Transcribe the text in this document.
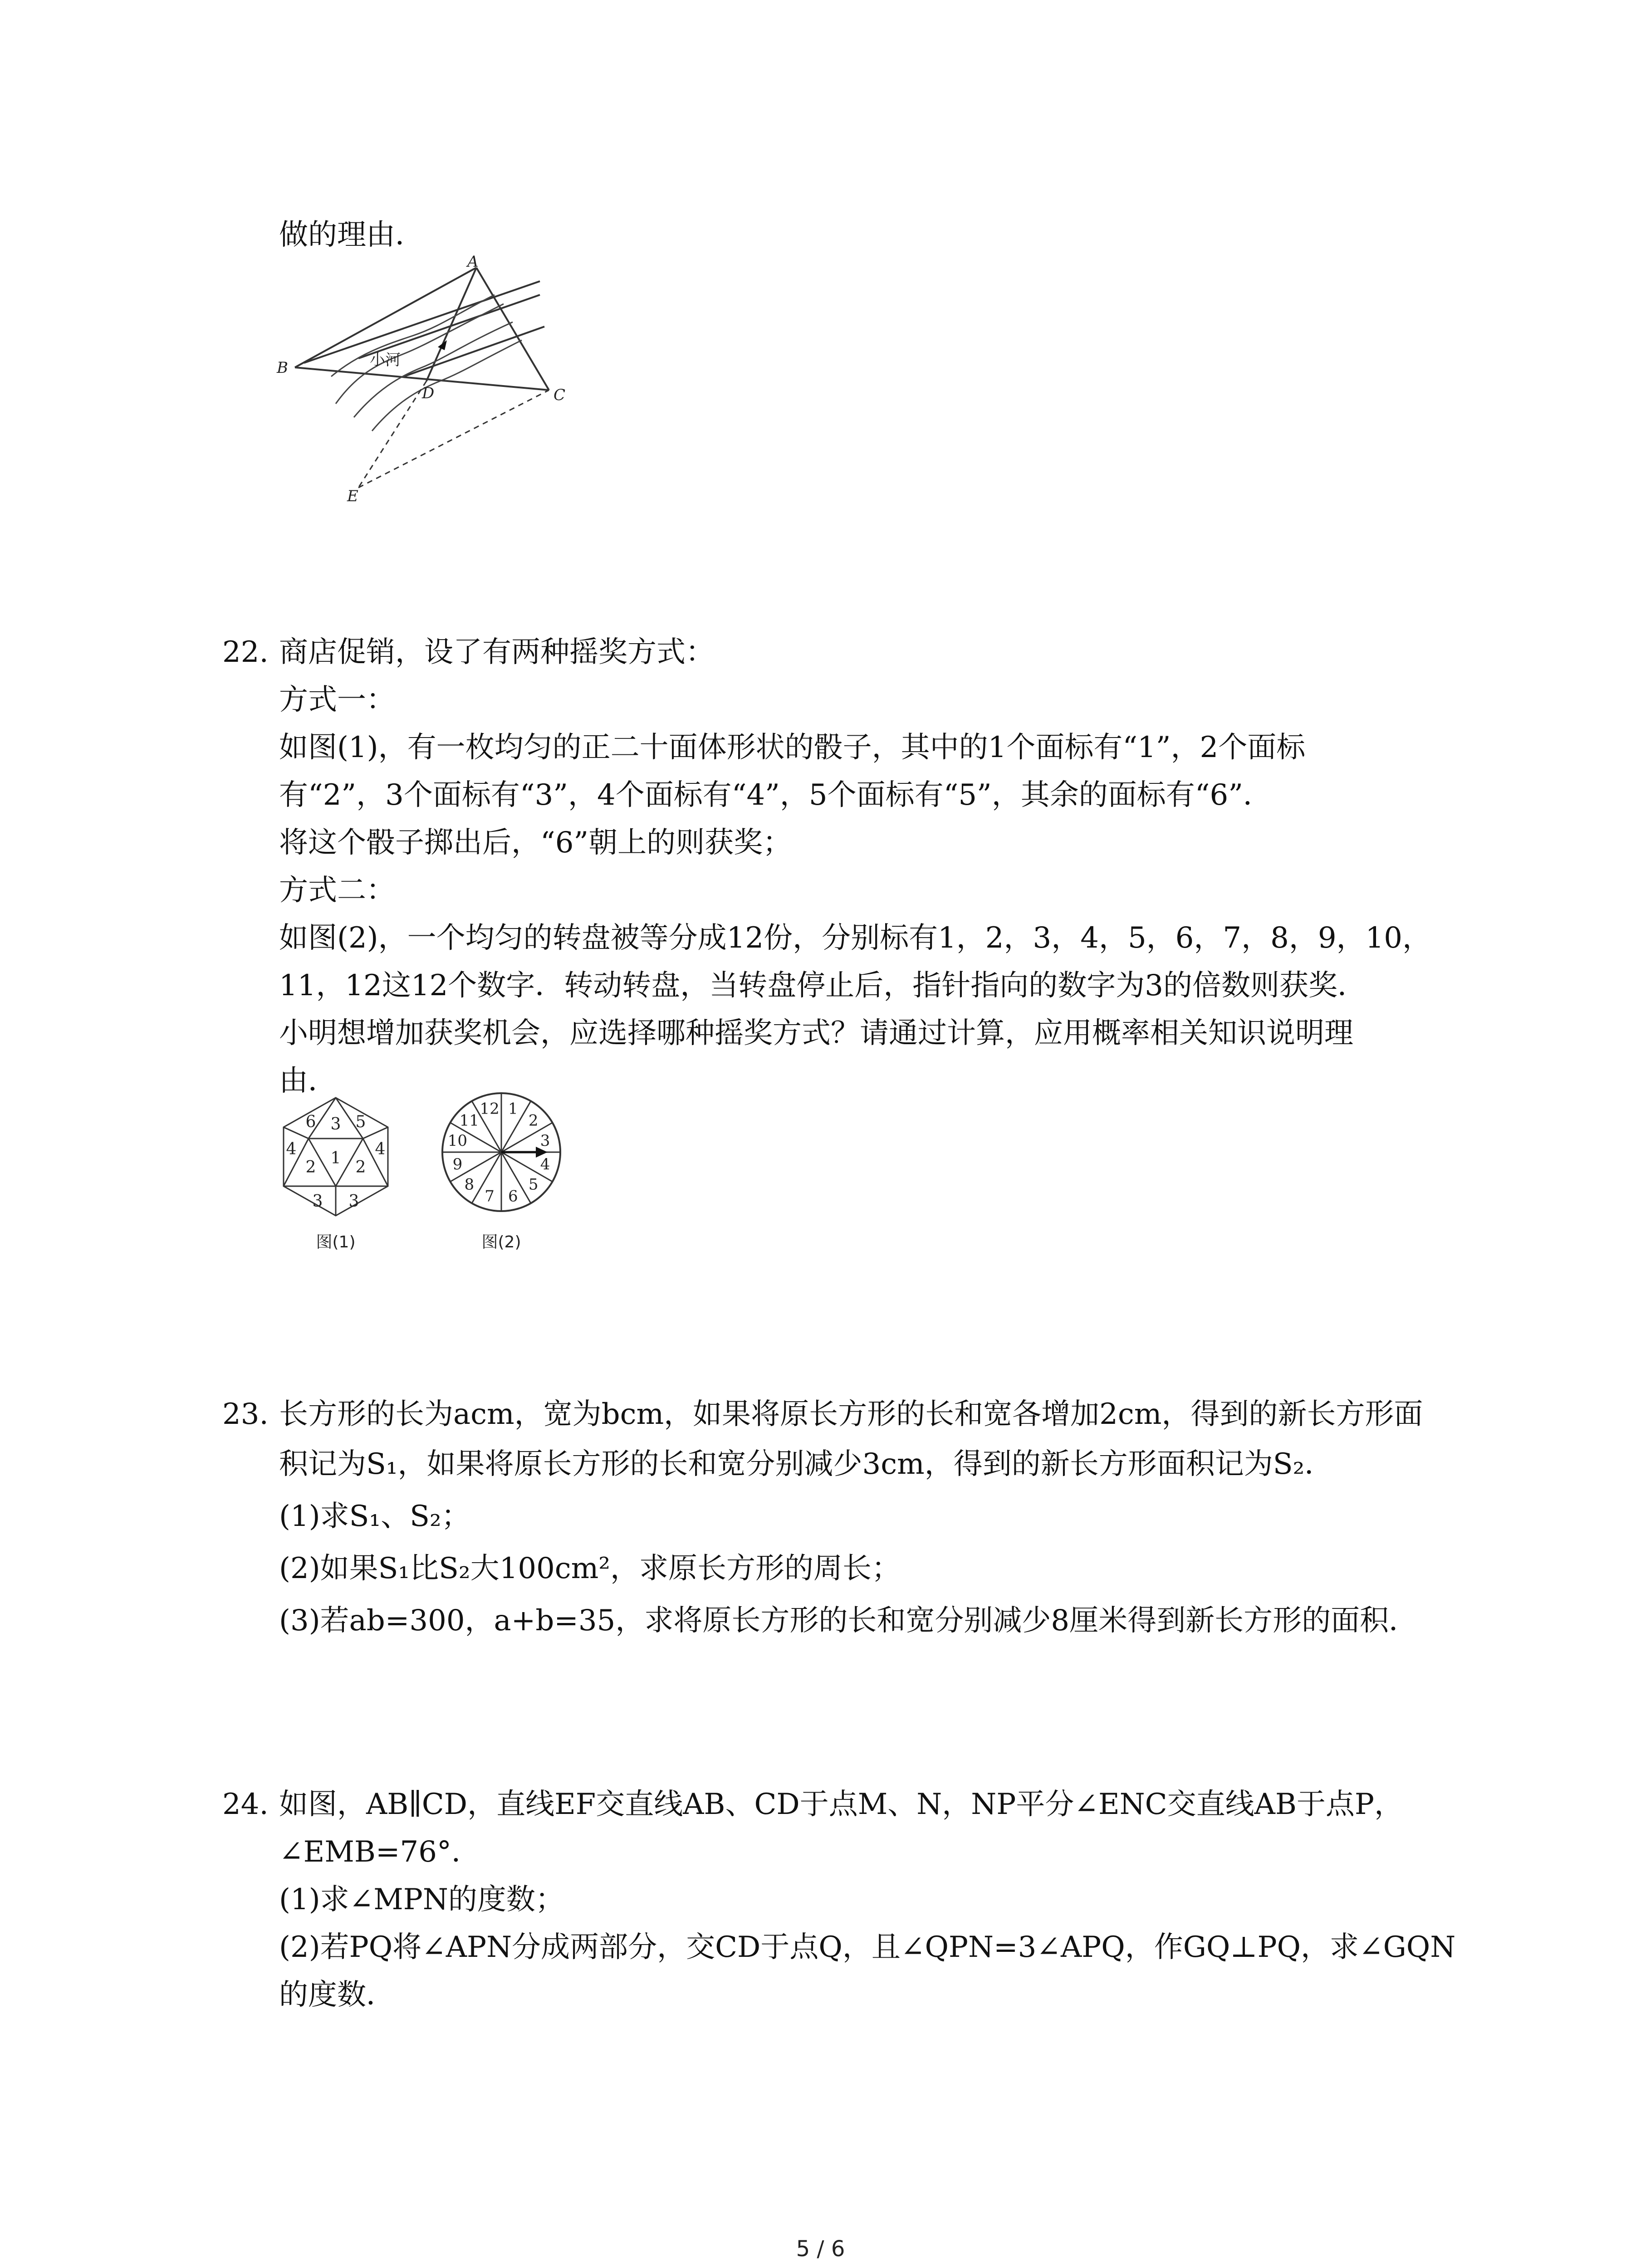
做的理由．
A
B
D	C
E
小河
22. 商店促销，设了有两种摇奖方式：
方式一：
如图(1)，有一枚均匀的正二十面体形状的骰子，其中的1个面标有“1”，2个面标
有“2”，3个面标有“3”，4个面标有“4”，5个面标有“5”，其余的面标有“6”．
将这个骰子掷出后，“6”朝上的则获奖；
方式二：
如图(2)，一个均匀的转盘被等分成12份，分别标有1，2，3，4，5，6，7，8，9，10，
11，12这12个数字．转动转盘，当转盘停止后，指针指向的数字为3的倍数则获奖．
小明想增加获奖机会，应选择哪种摇奖方式？请通过计算，应用概率相关知识说明理
由．
6 3 5
4
2 1 2
4
3 3
图(1)
1
2
3
4
5
6
7
8
9
10
11
12
图(2)
23. 长方形的长为acm，宽为bcm，如果将原长方形的长和宽各增加2cm，得到的新长方形面
积记为S₁，如果将原长方形的长和宽分别减少3cm，得到的新长方形面积记为S₂．
(1)求S₁、S₂；
(2)如果S₁比S₂大100cm²，求原长方形的周长；
(3)若ab=300，a+b=35，求将原长方形的长和宽分别减少8厘米得到新长方形的面积．
24. 如图，AB∥CD，直线EF交直线AB、CD于点M、N，NP平分∠ENC交直线AB于点P，
∠EMB=76°．
(1)求∠MPN的度数；
(2)若PQ将∠APN分成两部分，交CD于点Q，且∠QPN=3∠APQ，作GQ⊥PQ，求∠GQN
的度数．
5 / 6
